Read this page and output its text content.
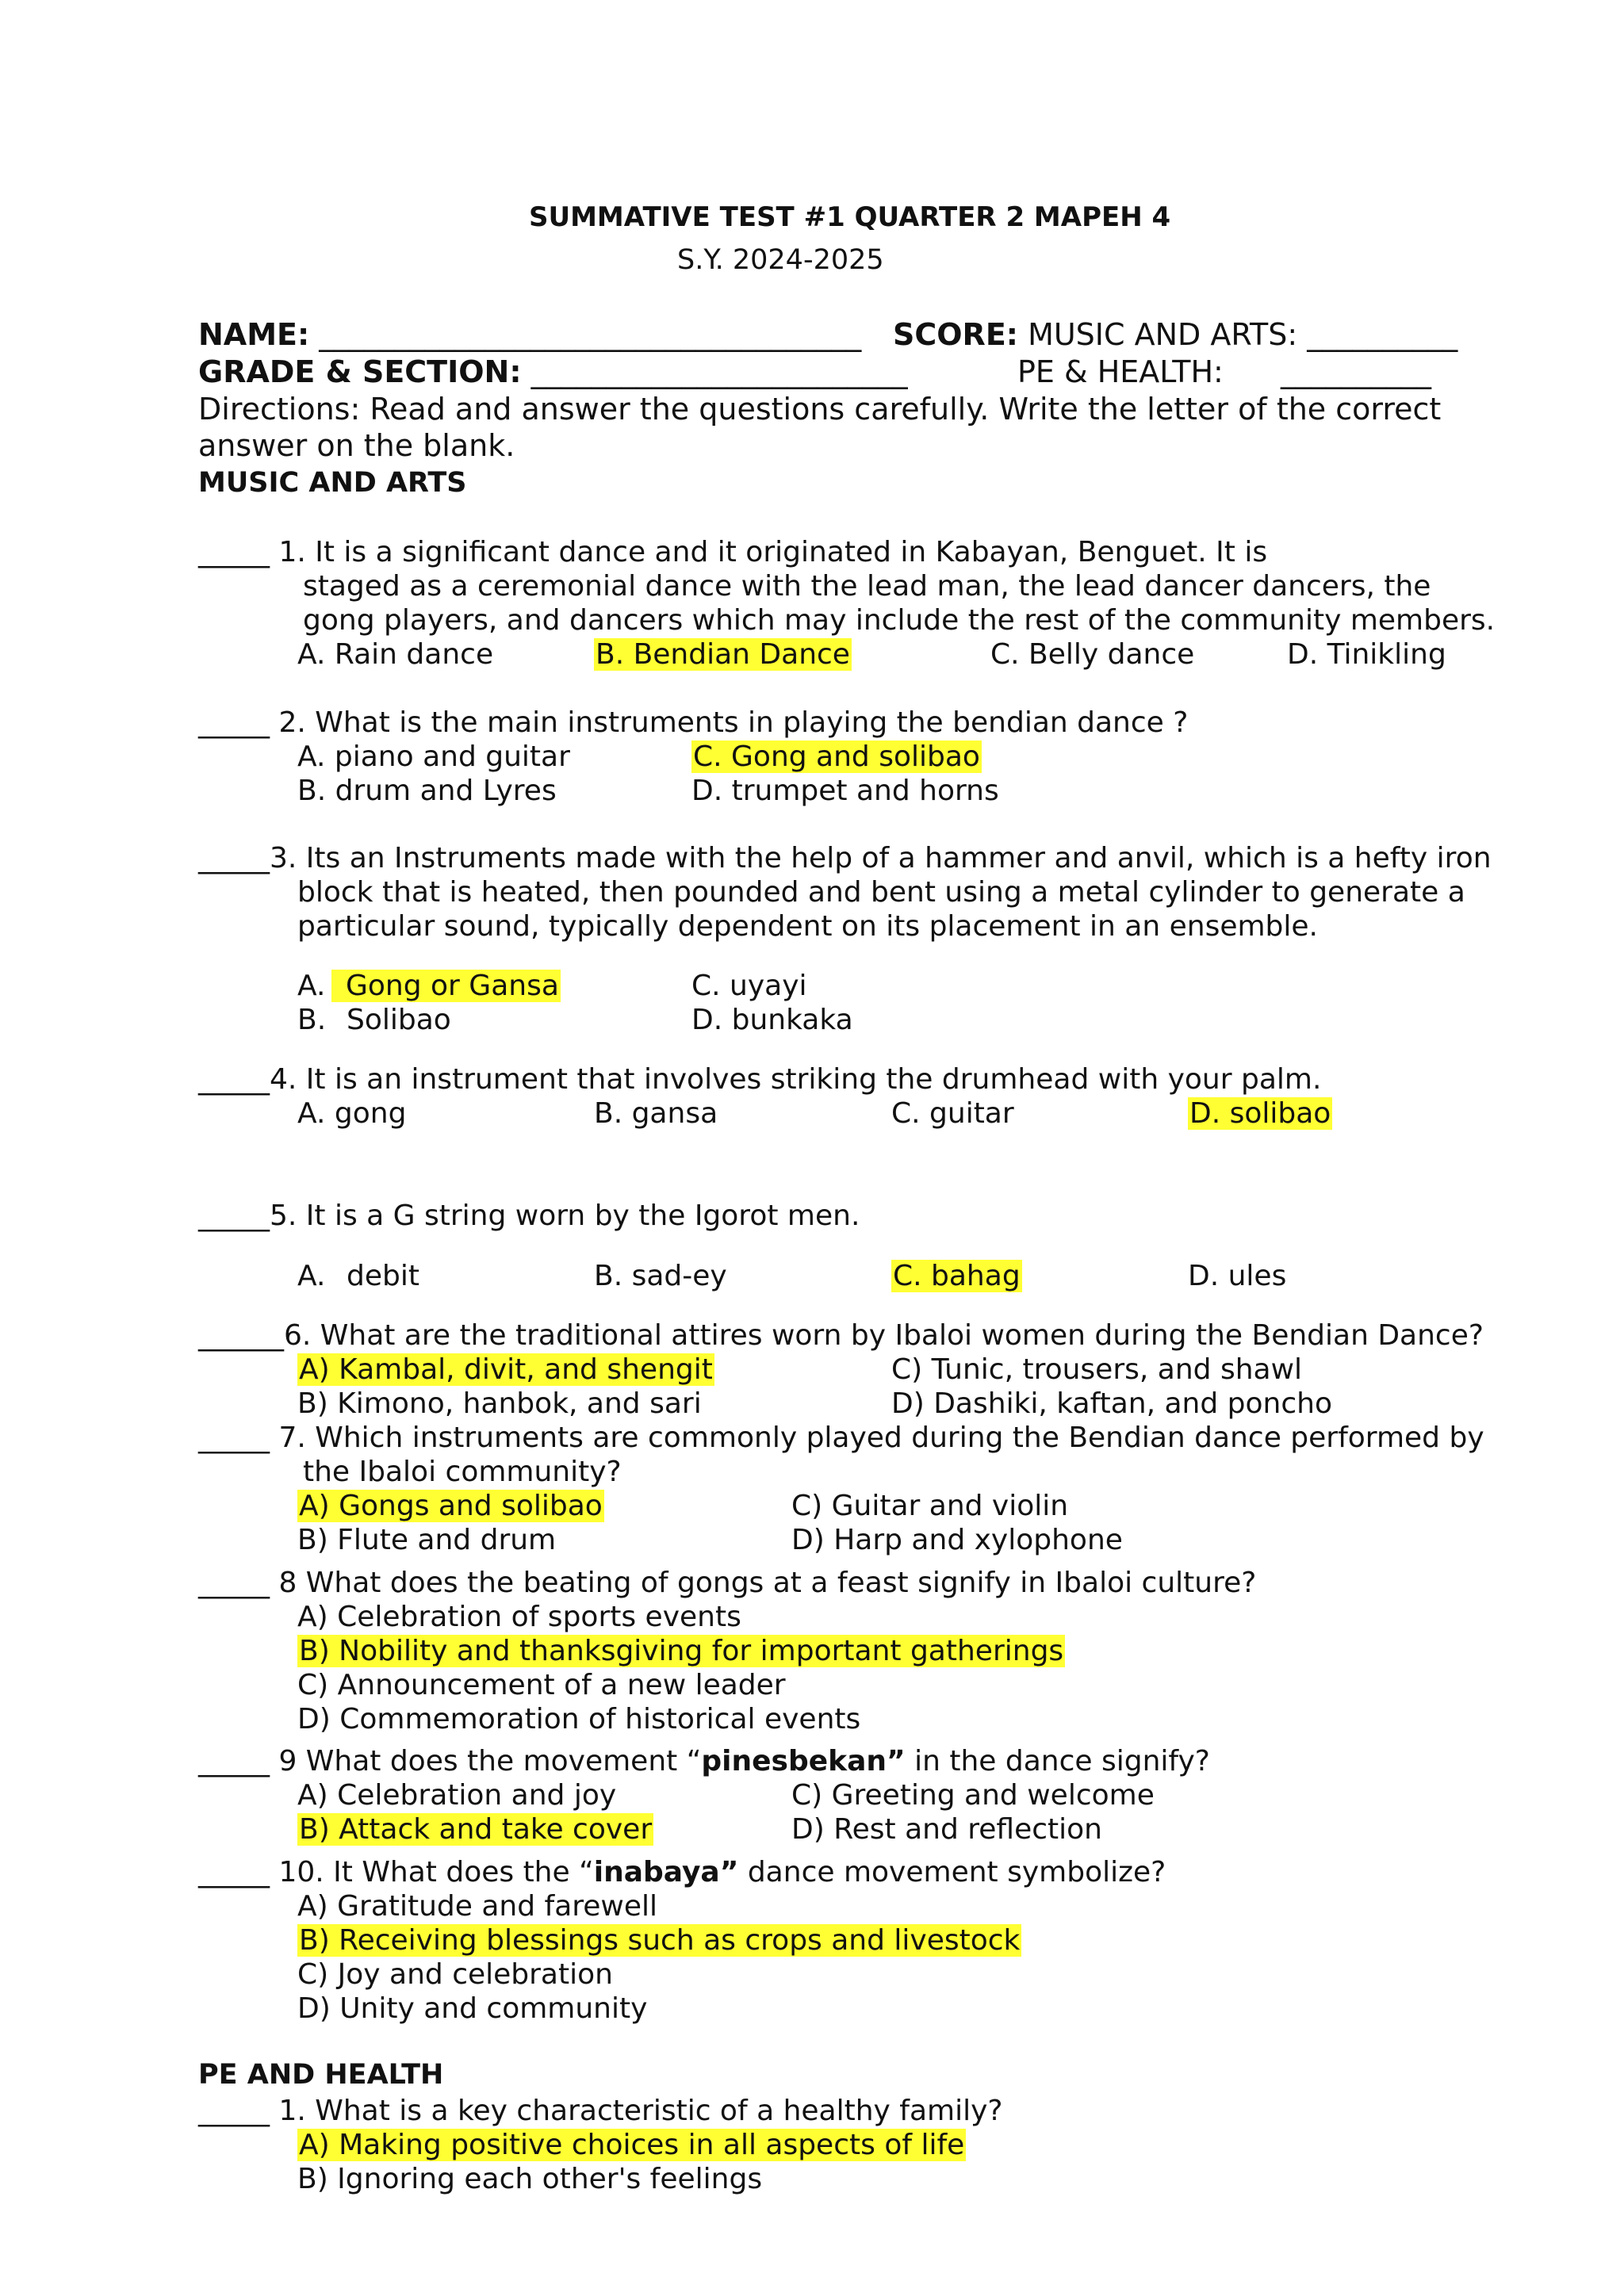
SUMMATIVE TEST #1 QUARTER 2 MAPEH 4
S.Y. 2024-2025
NAME: ____________________________________ SCORE: MUSIC AND ARTS: __________
GRADE & SECTION: _________________________	PE & HEALTH: __________
Directions: Read and answer the questions carefully. Write the letter of the correct
answer on the blank.
MUSIC AND ARTS
_____ 1. It is a significant dance and it originated in Kabayan, Benguet. It is
staged as a ceremonial dance with the lead man, the lead dancer dancers, the
gong players, and dancers which may include the rest of the community members.
A. Rain dance	B. Bendian Dance	C. Belly dance	D. Tinikling
_____ 2. What is the main instruments in playing the bendian dance ?
A. piano and guitar	C. Gong and solibao
B. drum and Lyres	D. trumpet and horns
_____3. Its an Instruments made with the help of a hammer and anvil, which is a hefty iron
block that is heated, then pounded and bent using a metal cylinder to generate a
particular sound, typically dependent on its placement in an ensemble.
A. Gong or Gansa	C. uyayi
B. Solibao	D. bunkaka
_____4. It is an instrument that involves striking the drumhead with your palm.
A. gong	B. gansa	C. guitar	D. solibao
_____5. It is a G string worn by the Igorot men.
A. debit	B. sad-ey	C. bahag	D. ules
______6. What are the traditional attires worn by Ibaloi women during the Bendian Dance?
A) Kambal, divit, and shengit	C) Tunic, trousers, and shawl
B) Kimono, hanbok, and sari	D) Dashiki, kaftan, and poncho
_____ 7. Which instruments are commonly played during the Bendian dance performed by
the Ibaloi community?
A) Gongs and solibao	C) Guitar and violin
B) Flute and drum	D) Harp and xylophone
_____ 8 What does the beating of gongs at a feast signify in Ibaloi culture?
A) Celebration of sports events
B) Nobility and thanksgiving for important gatherings
C) Announcement of a new leader
D) Commemoration of historical events
_____ 9 What does the movement “pinesbekan” in the dance signify?
A) Celebration and joy	C) Greeting and welcome
B) Attack and take cover	D) Rest and reflection
_____ 10. It What does the “inabaya” dance movement symbolize?
A) Gratitude and farewell
B) Receiving blessings such as crops and livestock
C) Joy and celebration
D) Unity and community
PE AND HEALTH
_____ 1. What is a key characteristic of a healthy family?
A) Making positive choices in all aspects of life
B) Ignoring each other's feelings
